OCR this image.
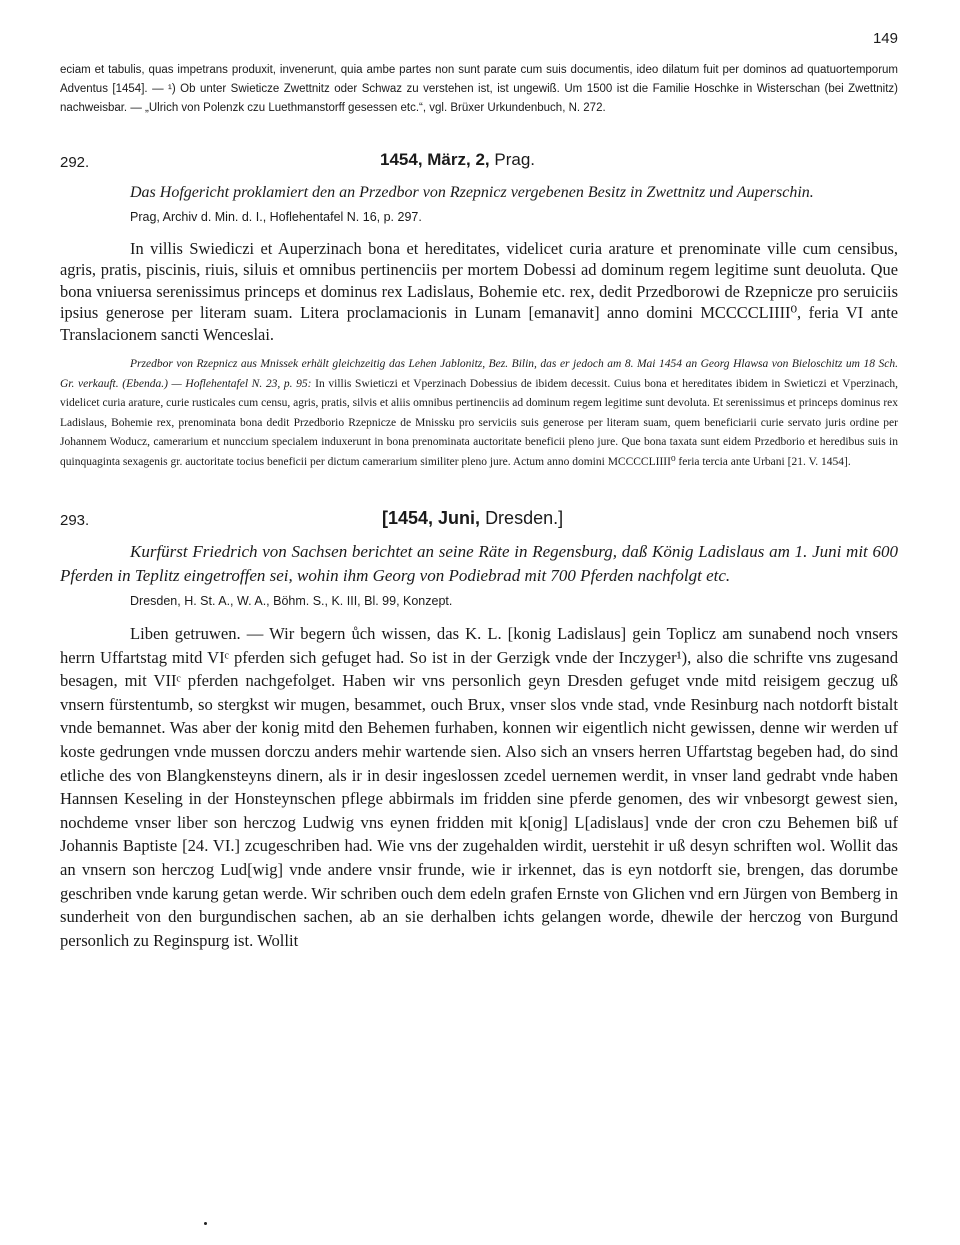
149
eciam et tabulis, quas impetrans produxit, invenerunt, quia ambe partes non sunt parate cum suis documentis, ideo dilatum fuit per dominos ad quatuortemporum Adventus [1454]. — ¹) Ob unter Swieticze Zwettnitz oder Schwaz zu verstehen ist, ist ungewiß. Um 1500 ist die Familie Hoschke in Wisterschan (bei Zwettnitz) nachweisbar. — „Ulrich von Polenzk czu Luethmanstorff gesessen etc.“, vgl. Brüxer Urkundenbuch, N. 272.
292.	1454, März, 2, Prag.
Das Hofgericht proklamiert den an Przedbor von Rzepnicz vergebenen Besitz in Zwettnitz und Auperschin.
Prag, Archiv d. Min. d. I., Hoflehentafel N. 16, p. 297.
In villis Swiediczi et Auperzinach bona et hereditates, videlicet curia arature et prenominate ville cum censibus, agris, pratis, piscinis, riuis, siluis et omnibus pertinenciis per mortem Dobessi ad dominum regem legitime sunt deuoluta. Que bona vniuersa serenissimus princeps et dominus rex Ladislaus, Bohemie etc. rex, dedit Przedborowi de Rzepnicze pro seruiciis ipsius generose per literam suam. Litera proclamacionis in Lunam [emanavit] anno domini MCCCCLIIII⁰, feria VI ante Translacionem sancti Wenceslai.
Przedbor von Rzepnicz aus Mnissek erhält gleichzeitig das Lehen Jablonitz, Bez. Bilin, das er jedoch am 8. Mai 1454 an Georg Hlawsa von Bieloschitz um 18 Sch. Gr. verkauft. (Ebenda.) — Hoflehentafel N. 23, p. 95: In villis Swieticzi et Vperzinach Dobessius de ibidem decessit. Cuius bona et hereditates ibidem in Swieticzi et Vperzinach, videlicet curia arature, curie rusticales cum censu, agris, pratis, silvis et aliis omnibus pertinenciis ad dominum regem legitime sunt devoluta. Et serenissimus et princeps dominus rex Ladislaus, Bohemie rex, prenominata bona dedit Przedborio Rzepnicze de Mnissku pro serviciis suis generose per literam suam, quem beneficiarii curie servato juris ordine per Johannem Woducz, camerarium et nunccium specialem induxerunt in bona prenominata auctoritate beneficii pleno jure. Que bona taxata sunt eidem Przedborio et heredibus suis in quinquaginta sexagenis gr. auctoritate tocius beneficii per dictum camerarium similiter pleno jure. Actum anno domini MCCCCLIIII⁰ feria tercia ante Urbani [21. V. 1454].
293.	[1454, Juni, Dresden.]
Kurfürst Friedrich von Sachsen berichtet an seine Räte in Regensburg, daß König Ladislaus am 1. Juni mit 600 Pferden in Teplitz eingetroffen sei, wohin ihm Georg von Podiebrad mit 700 Pferden nachfolgt etc.
Dresden, H. St. A., W. A., Böhm. S., K. III, Bl. 99, Konzept.
Liben getruwen. — Wir begern ůch wissen, das K. L. [konig Ladislaus] gein Toplicz am sunabend noch vnsers herrn Uffartstag mitd VIᶜ pferden sich gefuget had. So ist in der Gerzigk vnde der Inczyger¹), also die schrifte vns zugesand besagen, mit VIIᶜ pferden nachgefolget. Haben wir vns personlich geyn Dresden gefuget vnde mitd reisigem geczug uß vnsern fürstentumb, so stergkst wir mugen, besammet, ouch Brux, vnser slos vnde stad, vnde Resinburg nach notdorft bistalt vnde bemannet. Was aber der konig mitd den Behemen furhaben, konnen wir eigentlich nicht gewissen, denne wir werden uf koste gedrungen vnde mussen dorczu anders mehir wartende sien. Also sich an vnsers herren Uffartstag begeben had, do sind etliche des von Blangkensteyns dinern, als ir in desir ingeslossen zcedel uernemen werdit, in vnser land gedrabt vnde haben Hannsen Keseling in der Honsteynschen pflege abbirmals im fridden sine pferde genomen, des wir vnbesorgt gewest sien, nochdeme vnser liber son herczog Ludwig vns eynen fridden mit k[onig] L[adislaus] vnde der cron czu Behemen biß uf Johannis Baptiste [24. VI.] zcugeschriben had. Wie vns der zugehalden wirdit, uerstehit ir uß desyn schriften wol. Wollit das an vnsern son herczog Lud[wig] vnde andere vnsir frunde, wie ir irkennet, das is eyn notdorft sie, brengen, das dorumbe geschriben vnde karung getan werde. Wir schriben ouch dem edeln grafen Ernste von Glichen vnd ern Jürgen von Bemberg in sunderheit von den burgundischen sachen, ab an sie derhalben ichts gelangen worde, dhewile der herczog von Burgund personlich zu Reginspurg ist. Wollit
